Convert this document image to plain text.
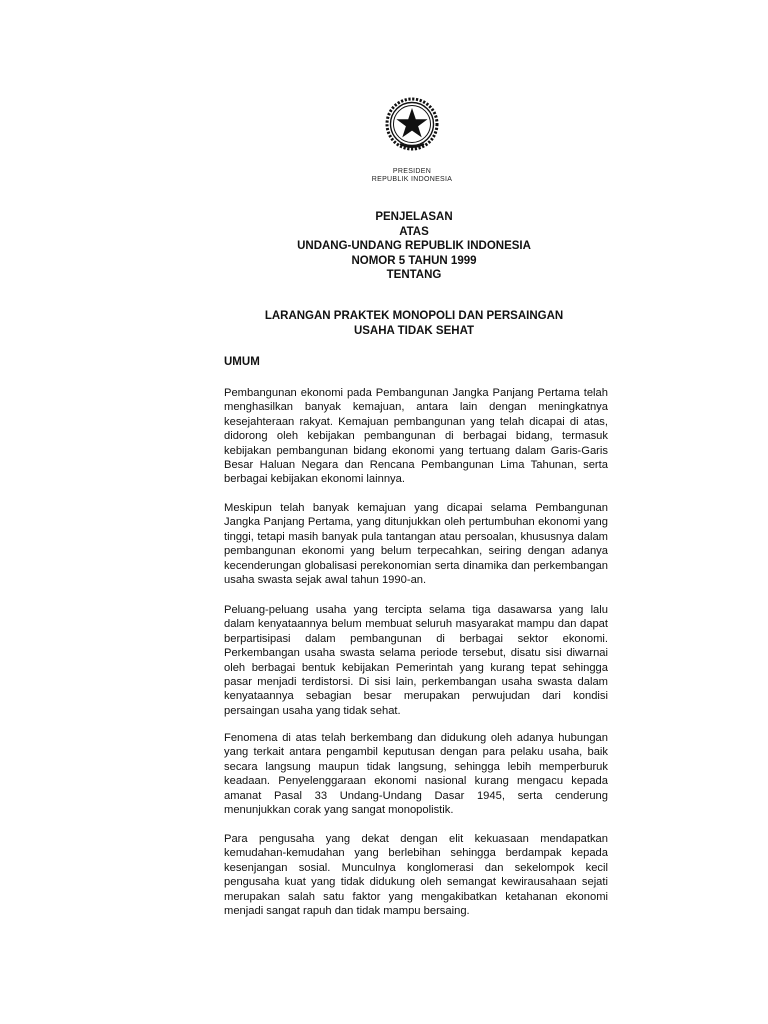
PRESIDEN
REPUBLIK INDONESIA
PENJELASAN
ATAS
UNDANG-UNDANG REPUBLIK INDONESIA
NOMOR 5 TAHUN 1999
TENTANG
LARANGAN PRAKTEK MONOPOLI DAN PERSAINGAN
USAHA TIDAK SEHAT
UMUM

Pembangunan ekonomi pada Pembangunan Jangka Panjang Pertama telah menghasilkan banyak kemajuan, antara lain dengan meningkatnya kesejahteraan rakyat. Kemajuan pembangunan yang telah dicapai di atas, didorong oleh kebijakan pembangunan di berbagai bidang, termasuk kebijakan pembangunan bidang ekonomi yang tertuang dalam Garis-Garis Besar Haluan Negara dan Rencana Pembangunan Lima Tahunan, serta berbagai kebijakan ekonomi lainnya.

Meskipun telah banyak kemajuan yang dicapai selama Pembangunan Jangka Panjang Pertama, yang ditunjukkan oleh pertumbuhan ekonomi yang tinggi, tetapi masih banyak pula tantangan atau persoalan, khususnya dalam pembangunan ekonomi yang belum terpecahkan, seiring dengan adanya kecenderungan globalisasi perekonomian serta dinamika dan perkembangan usaha swasta sejak awal tahun 1990-an.

Peluang-peluang usaha yang tercipta selama tiga dasawarsa yang lalu dalam kenyataannya belum membuat seluruh masyarakat mampu dan dapat berpartisipasi dalam pembangunan di berbagai sektor ekonomi. Perkembangan usaha swasta selama periode tersebut, disatu sisi diwarnai oleh berbagai bentuk kebijakan Pemerintah yang kurang tepat sehingga pasar menjadi terdistorsi. Di sisi lain, perkembangan usaha swasta dalam kenyataannya sebagian besar merupakan perwujudan dari kondisi persaingan usaha yang tidak sehat.

Fenomena di atas telah berkembang dan didukung oleh adanya hubungan yang terkait antara pengambil keputusan dengan para pelaku usaha, baik secara langsung maupun tidak langsung, sehingga lebih memperburuk keadaan. Penyelenggaraan ekonomi nasional kurang mengacu kepada amanat Pasal 33 Undang-Undang Dasar 1945, serta cenderung menunjukkan corak yang sangat monopolistik.

Para pengusaha yang dekat dengan elit kekuasaan mendapatkan kemudahan-kemudahan yang berlebihan sehingga berdampak kepada kesenjangan sosial. Munculnya konglomerasi dan sekelompok kecil pengusaha kuat yang tidak didukung oleh semangat kewirausahaan sejati merupakan salah satu faktor yang mengakibatkan ketahanan ekonomi menjadi sangat rapuh dan tidak mampu bersaing.
